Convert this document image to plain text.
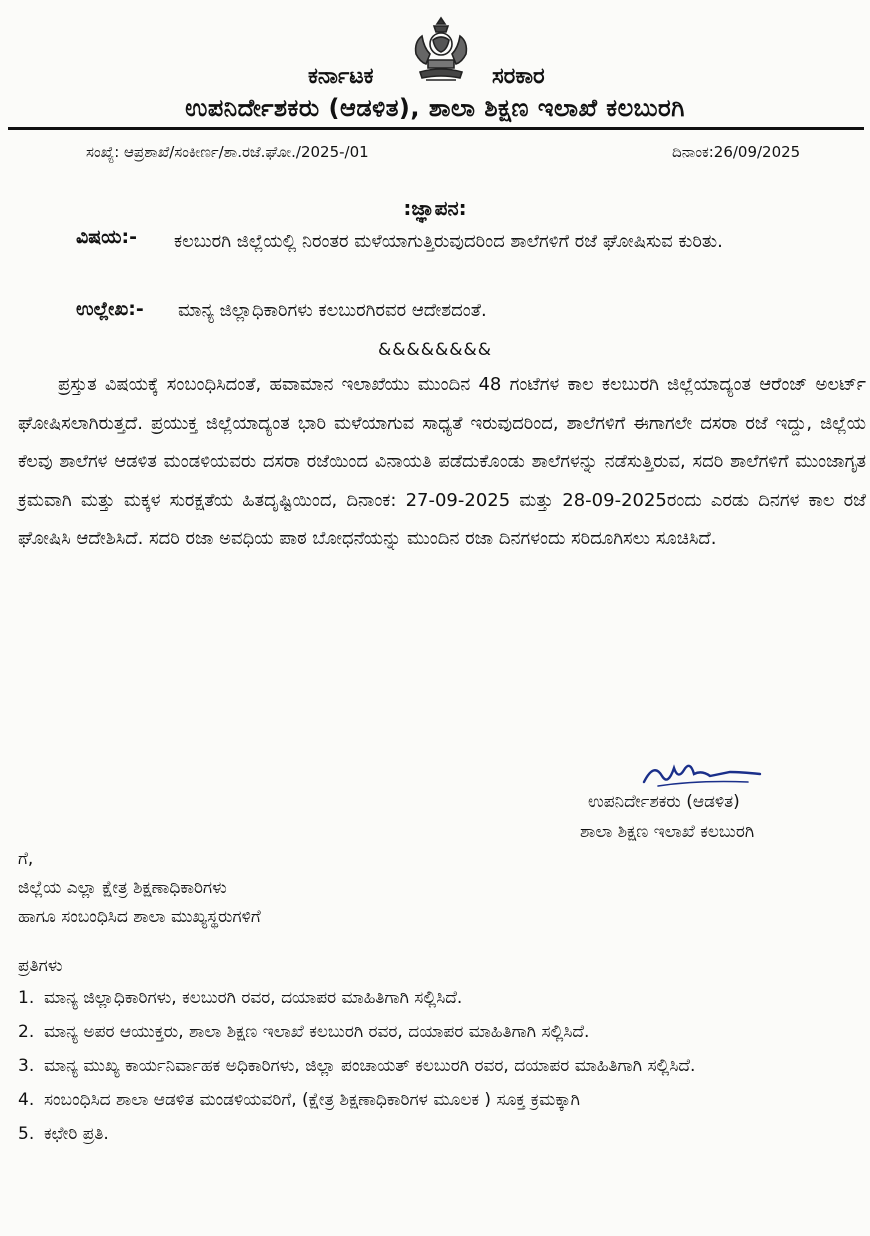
ಕರ್ನಾಟಕ	ಸರಕಾರ
ಉಪನಿರ್ದೇಶಕರು (ಆಡಳಿತ), ಶಾಲಾ ಶಿಕ್ಷಣ ಇಲಾಖೆ ಕಲಬುರಗಿ
ಸಂಖ್ಯೆ: ಆಪ್ರಶಾಖೆ/ಸಂಕೀರ್ಣ/ಶಾ.ರಜೆ.ಘೋ./2025-/01	ದಿನಾಂಕ:26/09/2025
:ಜ್ಞಾಪನ:
ವಿಷಯ:- ಕಲಬುರಗಿ ಜಿಲ್ಲೆಯಲ್ಲಿ ನಿರಂತರ ಮಳೆಯಾಗುತ್ತಿರುವುದರಿಂದ ಶಾಲೆಗಳಿಗೆ ರಜೆ ಘೋಷಿಸುವ ಕುರಿತು.
ಉಲ್ಲೇಖ:- ಮಾನ್ಯ ಜಿಲ್ಲಾಧಿಕಾರಿಗಳು ಕಲಬುರಗಿರವರ ಆದೇಶದಂತೆ.
&&&&&&&&
ಪ್ರಸ್ತುತ ವಿಷಯಕ್ಕೆ ಸಂಬಂಧಿಸಿದಂತೆ, ಹವಾಮಾನ ಇಲಾಖೆಯು ಮುಂದಿನ 48 ಗಂಟೆಗಳ ಕಾಲ ಕಲಬುರಗಿ ಜಿಲ್ಲೆಯಾದ್ಯಂತ ಆರೆಂಜ್ ಅಲರ್ಟ್ ಘೋಷಿಸಲಾಗಿರುತ್ತದೆ. ಪ್ರಯುಕ್ತ ಜಿಲ್ಲೆಯಾದ್ಯಂತ ಭಾರಿ ಮಳೆಯಾಗುವ ಸಾಧ್ಯತೆ ಇರುವುದರಿಂದ, ಶಾಲೆಗಳಿಗೆ ಈಗಾಗಲೇ ದಸರಾ ರಜೆ ಇದ್ದು, ಜಿಲ್ಲೆಯ ಕೆಲವು ಶಾಲೆಗಳ ಆಡಳಿತ ಮಂಡಳಿಯವರು ದಸರಾ ರಜೆಯಿಂದ ವಿನಾಯತಿ ಪಡೆದುಕೊಂಡು ಶಾಲೆಗಳನ್ನು ನಡೆಸುತ್ತಿರುವ, ಸದರಿ ಶಾಲೆಗಳಿಗೆ ಮುಂಜಾಗೃತ ಕ್ರಮವಾಗಿ ಮತ್ತು ಮಕ್ಕಳ ಸುರಕ್ಷತೆಯ ಹಿತದೃಷ್ಟಿಯಿಂದ, ದಿನಾಂಕ: 27-09-2025 ಮತ್ತು 28-09-2025ರಂದು ಎರಡು ದಿನಗಳ ಕಾಲ ರಜೆ ಘೋಷಿಸಿ ಆದೇಶಿಸಿದೆ. ಸದರಿ ರಜಾ ಅವಧಿಯ ಪಾಠ ಬೋಧನೆಯನ್ನು ಮುಂದಿನ ರಜಾ ದಿನಗಳಂದು ಸರಿದೂಗಿಸಲು ಸೂಚಿಸಿದೆ.
ಉಪನಿರ್ದೇಶಕರು (ಆಡಳಿತ)
ಶಾಲಾ ಶಿಕ್ಷಣ ಇಲಾಖೆ ಕಲಬುರಗಿ
ಗೆ,
ಜಿಲ್ಲೆಯ ಎಲ್ಲಾ ಕ್ಷೇತ್ರ ಶಿಕ್ಷಣಾಧಿಕಾರಿಗಳು
ಹಾಗೂ ಸಂಬಂಧಿಸಿದ ಶಾಲಾ ಮುಖ್ಯಸ್ಥರುಗಳಿಗೆ
ಪ್ರತಿಗಳು
1. ಮಾನ್ಯ ಜಿಲ್ಲಾಧಿಕಾರಿಗಳು, ಕಲಬುರಗಿ ರವರ, ದಯಾಪರ ಮಾಹಿತಿಗಾಗಿ ಸಲ್ಲಿಸಿದೆ.
2. ಮಾನ್ಯ ಅಪರ ಆಯುಕ್ತರು, ಶಾಲಾ ಶಿಕ್ಷಣ ಇಲಾಖೆ ಕಲಬುರಗಿ ರವರ, ದಯಾಪರ ಮಾಹಿತಿಗಾಗಿ ಸಲ್ಲಿಸಿದೆ.
3. ಮಾನ್ಯ ಮುಖ್ಯ ಕಾರ್ಯನಿರ್ವಾಹಕ ಅಧಿಕಾರಿಗಳು, ಜಿಲ್ಲಾ ಪಂಚಾಯತ್ ಕಲಬುರಗಿ ರವರ, ದಯಾಪರ ಮಾಹಿತಿಗಾಗಿ ಸಲ್ಲಿಸಿದೆ.
4. ಸಂಬಂಧಿಸಿದ ಶಾಲಾ ಆಡಳಿತ ಮಂಡಳಿಯವರಿಗೆ, (ಕ್ಷೇತ್ರ ಶಿಕ್ಷಣಾಧಿಕಾರಿಗಳ ಮೂಲಕ ) ಸೂಕ್ತ ಕ್ರಮಕ್ಕಾಗಿ
5. ಕಛೇರಿ ಪ್ರತಿ.
